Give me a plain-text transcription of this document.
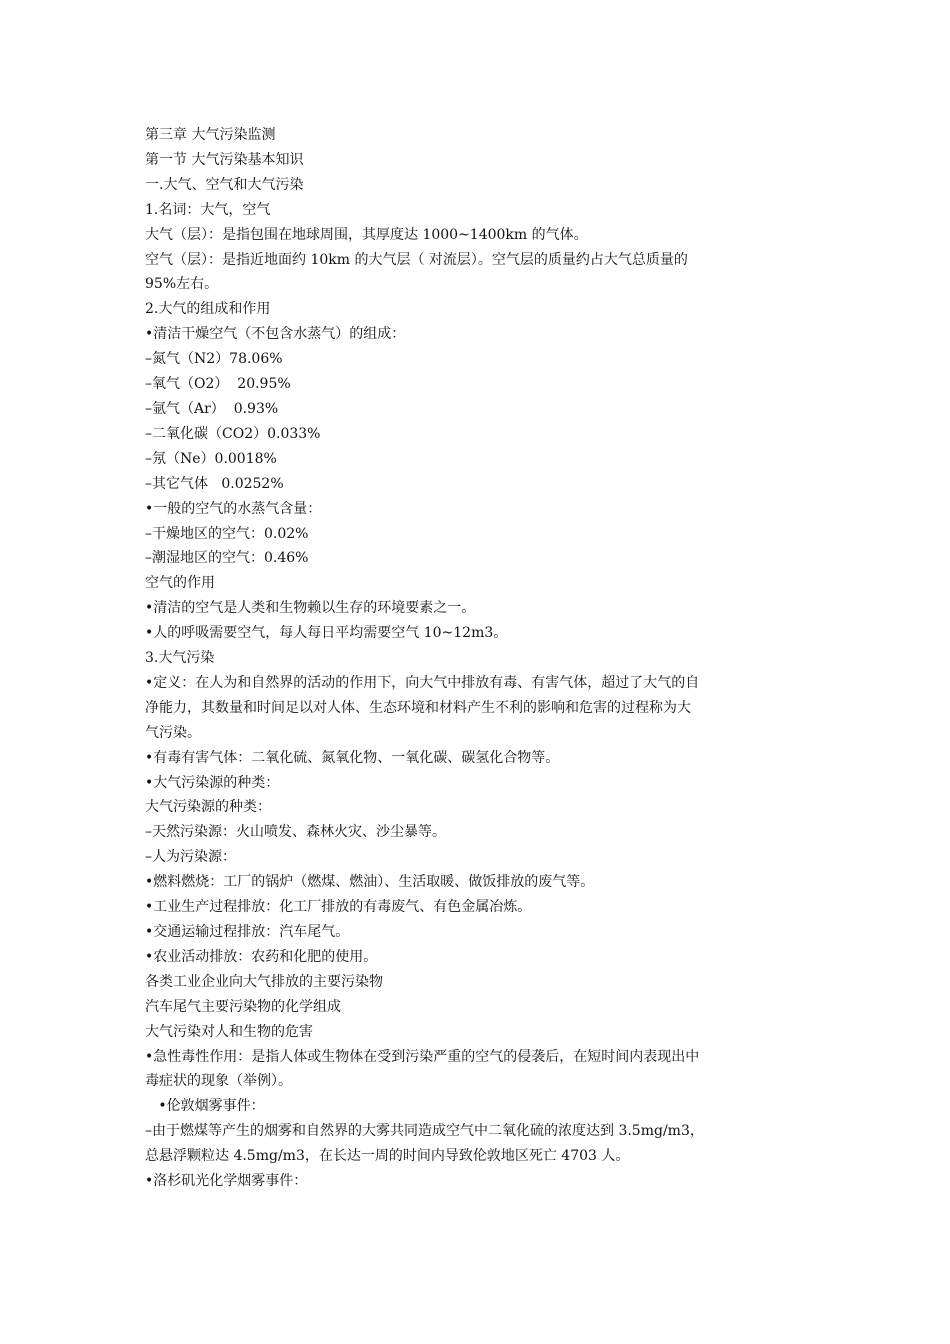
第三章 大气污染监测
第一节 大气污染基本知识
一.大气、空气和大气污染
1.名词：大气，空气
大气（层）：是指包围在地球周围，其厚度达 1000~1400km 的气体。
空气（层）：是指近地面约 10km 的大气层（ 对流层）。空气层的质量约占大气总质量的
95%左右。
2.大气的组成和作用
•清洁干燥空气（不包含水蒸气）的组成：
–氮气（N2）78.06%
–氧气（O2）  20.95%
–氩气（Ar）  0.93%
–二氧化碳（CO2）0.033%
–氖（Ne）0.0018%
–其它气体   0.0252%
•一般的空气的水蒸气含量：
–干燥地区的空气：0.02%
–潮湿地区的空气：0.46%
空气的作用
•清洁的空气是人类和生物赖以生存的环境要素之一。
•人的呼吸需要空气，每人每日平均需要空气 10~12m3。
3.大气污染
•定义：在人为和自然界的活动的作用下，向大气中排放有毒、有害气体，超过了大气的自
净能力，其数量和时间足以对人体、生态环境和材料产生不利的影响和危害的过程称为大
气污染。
•有毒有害气体：二氧化硫、氮氧化物、一氧化碳、碳氢化合物等。
•大气污染源的种类：
大气污染源的种类：
–天然污染源：火山喷发、森林火灾、沙尘暴等。
–人为污染源：
•燃料燃烧：工厂的锅炉（燃煤、燃油）、生活取暖、做饭排放的废气等。
•工业生产过程排放：化工厂排放的有毒废气、有色金属冶炼。
•交通运输过程排放：汽车尾气。
•农业活动排放：农药和化肥的使用。
各类工业企业向大气排放的主要污染物
汽车尾气主要污染物的化学组成
大气污染对人和生物的危害
•急性毒性作用：是指人体或生物体在受到污染严重的空气的侵袭后，在短时间内表现出中
毒症状的现象（举例）。
•伦敦烟雾事件：
–由于燃煤等产生的烟雾和自然界的大雾共同造成空气中二氧化硫的浓度达到 3.5mg/m3，
总悬浮颗粒达 4.5mg/m3，在长达一周的时间内导致伦敦地区死亡 4703 人。
•洛杉矶光化学烟雾事件：
